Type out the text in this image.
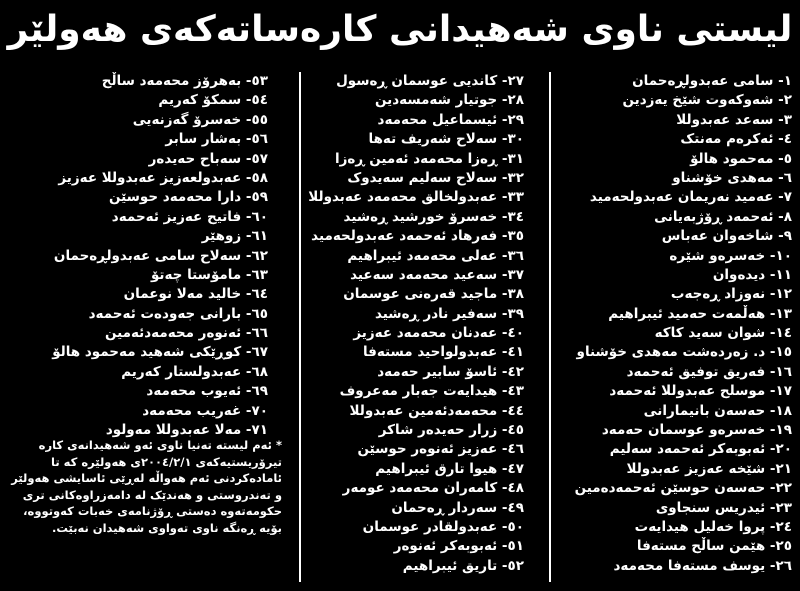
لیستی ناوی شەهیدانی کارەساتەکەی هەولێر
١- سامی عەبدولڕەحمان
٢- شەوکەوت شێخ یەزدین
٣- سەعد عەبدوللا
٤- ئەکرەم مەنتک
٥- مەحمود هالۆ
٦- مەهدی خۆشناو
٧- عەمید نەریمان عەبدولحەمید
٨- ئەحمەد ڕۆژبەیانی
٩- شاخەوان عەباس
١٠- خەسرەو شێرە
١١- دیدەوان
١٢- نەوزاد ڕەجەب
١٣- هەڵمەت حەمید ئیبراهیم
١٤- شوان سەید کاکە
١٥- د. زەردەشت مەهدی خۆشناو
١٦- فەریق توفیق ئەحمەد
١٧- موسلح عەبدوللا ئەحمەد
١٨- حەسەن بانیمارانی
١٩- خەسرەو عوسمان حەمەد
٢٠- ئەبوبەکر ئەحمەد سەلیم
٢١- شێخە عەزیز عەبدوللا
٢٢- حەسەن حوسێن ئەحمەدەمین
٢٣- ئیدریس سنجاوی
٢٤- پروا خەلیل هیدایەت
٢٥- هێمن ساڵح مستەفا
٢٦- یوسف مستەفا محەمەد
٢٧- کاندیی عوسمان ڕەسول
٢٨- جوتیار شەمسەدین
٢٩- ئیسماعیل محەمەد
٣٠- سەلاح شەریف تەها
٣١- ڕەزا محەمەد ئەمین ڕەزا
٣٢- سەلاح سەلیم سەیدوک
٣٣- عەبدولخالق محەمەد عەبدوللا
٣٤- خەسرۆ خورشید ڕەشید
٣٥- فەرهاد ئەحمەد عەبدولحەمید
٣٦- عەلی محەمەد ئیبراهیم
٣٧- سەعید محەمەد سەعید
٣٨- ماجید قەرەنی عوسمان
٣٩- سەفیر نادر ڕەشید
٤٠- عەدنان محەمەد عەزیز
٤١- عەبدولواحید مستەفا
٤٢- ئاسۆ سابیر حەمەد
٤٣- هیدایەت جەبار مەعروف
٤٤- محەمەدئەمین عەبدوللا
٤٥- زرار حەیدەر شاکر
٤٦- عەزیز ئەنوەر حوسێن
٤٧- هیوا تارق ئیبراهیم
٤٨- کامەران محەمەد عومەر
٤٩- سەردار ڕەحمان
٥٠- عەبدولقادر عوسمان
٥١- ئەبوبەکر ئەنوەر
٥٢- تاریق ئیبراهیم
٥٣- بەهرۆز محەمەد ساڵح
٥٤- سمکۆ کەریم
٥٥- خەسرۆ گەزنەیی
٥٦- بەشار سابر
٥٧- سەباح حەیدەر
٥٨- عەبدولعەزیز عەبدوللا عەزیز
٥٩- دارا محەمەد حوسێن
٦٠- فاتیح عەزیز ئەحمەد
٦١- زوهێر
٦٢- سەلاح سامی عەبدولڕەحمان
٦٣- مامۆستا چەتۆ
٦٤- خالید مەلا نوعمان
٦٥- بارانی جەودەت ئەحمەد
٦٦- ئەنوەر محەمەدئەمین
٦٧- کوڕێکی شەهید مەحمود هالۆ
٦٨- عەبدولستار کەریم
٦٩- ئەیوب محەمەد
٧٠- غەریب محەمەد
٧١- مەلا عەبدوللا مەولود
* ئەم لیستە تەنیا ناوی ئەو شەهیدانەی کارە تیرۆریستیەکەی ٢٠٠٤/٢/١ی هەولێرە کە تا ئاماده‌کردنی ئەم هەواڵە لەڕێی ئاسایشی هەولێر و تەندروستی و هەندێک لە دامەزراوەکانی تری حکومەتەوە دەستی ڕۆژنامەی خەبات کەوتووە، بۆیە ڕەنگە ناوی تەواوی شەهیدان نەبێت.
